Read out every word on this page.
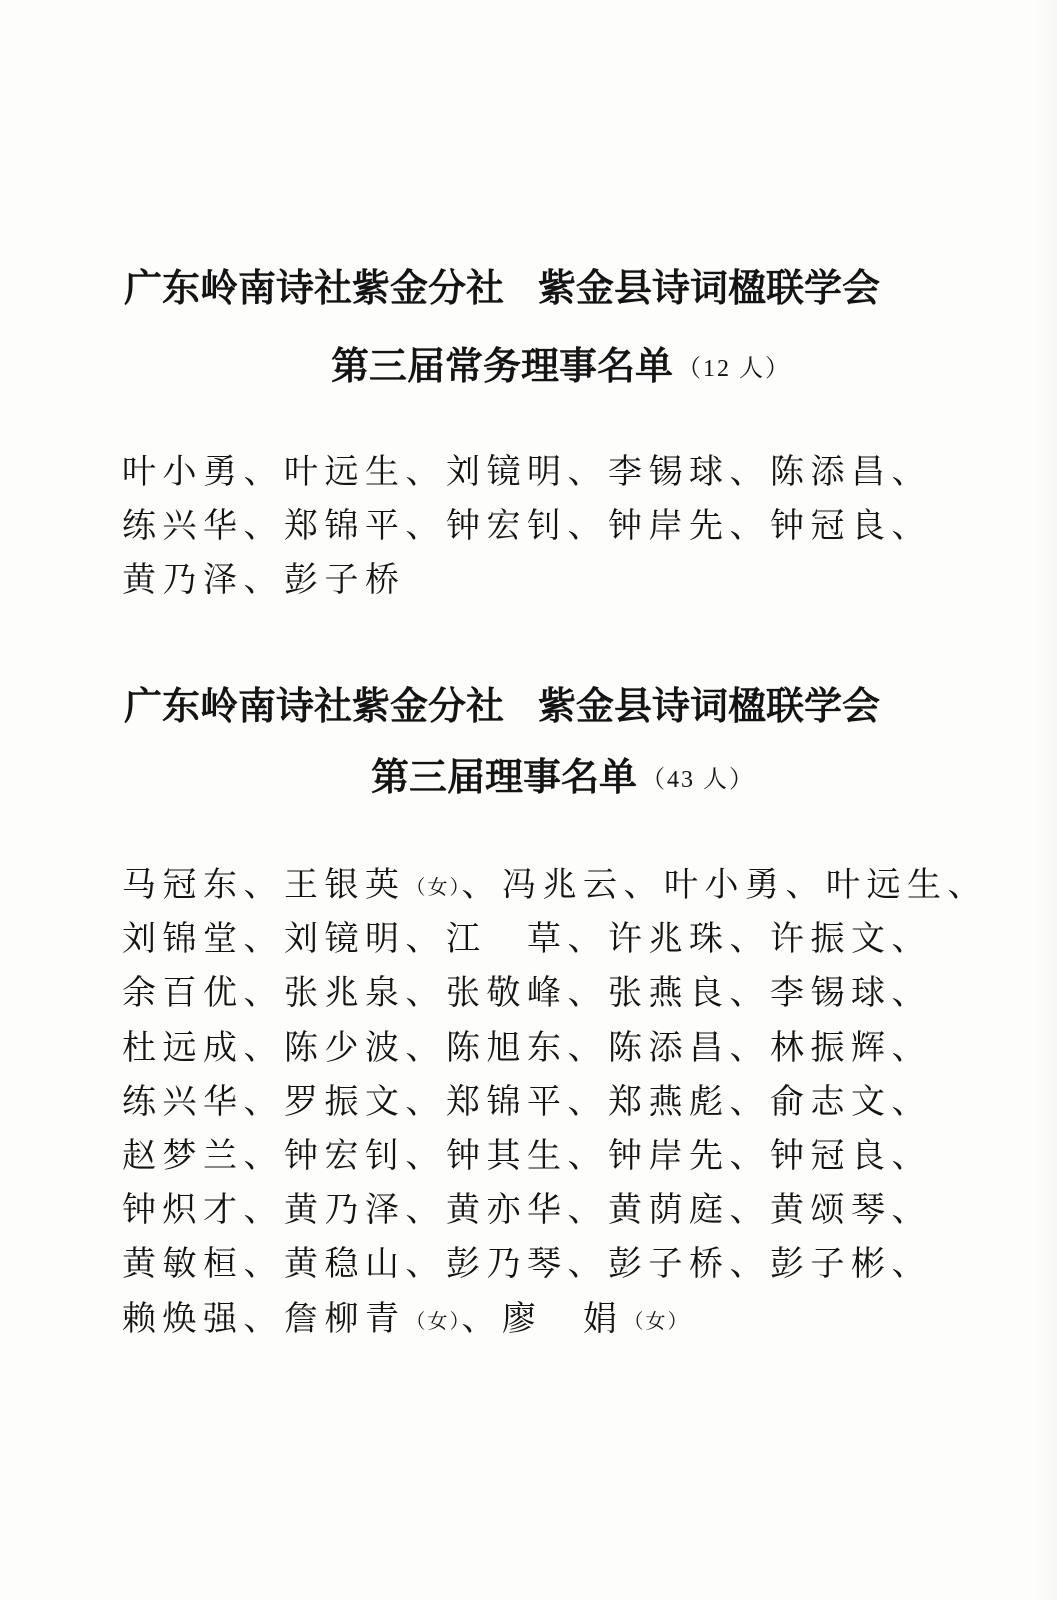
广东岭南诗社紫金分社 紫金县诗词楹联学会
第三届常务理事名单 （12 人）
叶小勇、叶远生、刘镜明、李锡球、陈添昌、
练兴华、郑锦平、钟宏钊、钟岸先、钟冠良、
黄乃泽、彭子桥
广东岭南诗社紫金分社 紫金县诗词楹联学会
第三届理事名单 （43 人）
马冠东、王银英（女）、冯兆云、叶小勇、叶远生、
刘锦堂、刘镜明、江　草、许兆珠、许振文、
余百优、张兆泉、张敬峰、张燕良、李锡球、
杜远成、陈少波、陈旭东、陈添昌、林振辉、
练兴华、罗振文、郑锦平、郑燕彪、俞志文、
赵梦兰、钟宏钊、钟其生、钟岸先、钟冠良、
钟炽才、黄乃泽、黄亦华、黄荫庭、黄颂琴、
黄敏桓、黄稳山、彭乃琴、彭子桥、彭子彬、
赖焕强、詹柳青（女）、廖　娟（女）
